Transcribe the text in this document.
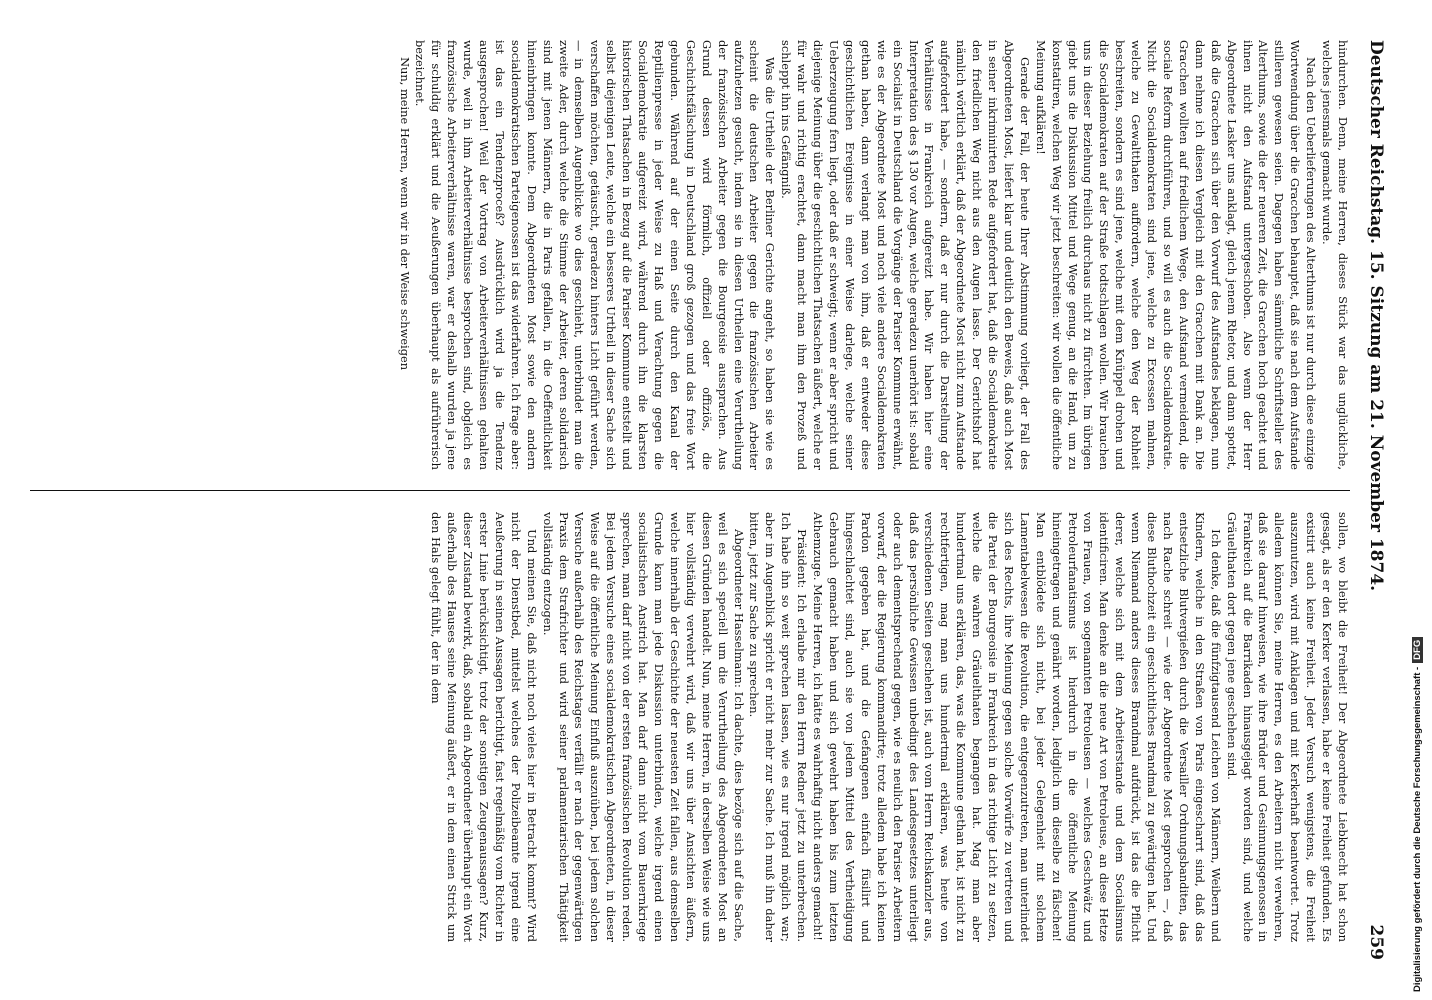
Deutscher Reichstag. 15. Sitzung am 21. November 1874.
259

hindurchen. Denn, meine Herren, dieses Stück war das unglückliche, welches jenesmals gemacht wurde.

Nach den Ueberlieferungen des Alterthums ist nur durch diese einzige Wortwendung über die Gracchen behauptet, daß sie nach dem Aufstande stilleren gewesen seien. Dagegen haben sämmtliche Schriftsteller des Alterthums, sowie die der neueren Zeit, die Gracchen hoch geachtet und ihnen nicht den Aufstand untergeschoben. Also wenn der Herr Abgeordnete Lasker uns anklagt, gleich jenem Rhetor, und dann spottet, daß die Gracchen sich über den Vorwurf des Aufstandes beklagen, nun dann nehme ich diesen Vergleich mit den Gracchen mit Dank an. Die Gracchen wollten auf friedlichem Wege, den Aufstand vermeidend, die sociale Reform durchführen, und so will es auch die Socialdemokratie. Nicht die Socialdemokraten sind jene, welche zu Excessen mahnen, welche zu Gewaltthaten auffordern, welche den Weg der Rohheit beschreiten, sondern es sind jene, welche mit dem Knüppel drohen und die Socialdemokraten auf der Straße todtschlagen wollen. Wir brauchen uns in dieser Beziehung freilich durchaus nicht zu fürchten. Im übrigen giebt uns die Diskussion Mittel und Wege genug, an die Hand, um zu konstatiren, welchen Weg wir jetzt beschreiten: wir wollen die öffentliche Meinung aufklären!

Gerade der Fall, der heute Ihrer Abstimmung vorliegt, der Fall des Abgeordneten Most, liefert klar und deutlich den Beweis, daß auch Most in seiner inkriminirten Rede aufgefordert hat, daß die Socialdemokratie den friedlichen Weg nicht aus den Augen lasse. Der Gerichtshof hat nämlich wörtlich erklärt, daß der Abgeordnete Most nicht zum Aufstande aufgefordert habe, — sondern, daß er nur durch die Darstellung der Verhältnisse in Frankreich aufgereizt habe. Wir haben hier eine Interpretation des § 130 vor Augen, welche geradezu unerhört ist: sobald ein Socialist in Deutschland die Vorgänge der Pariser Kommune erwähnt, wie es der Abgeordnete Most und noch viele andere Socialdemokraten gethan haben, dann verlangt man von ihm, daß er entweder diese geschichtlichen Ereignisse in einer Weise darlege, welche seiner Ueberzeugung fern liegt, oder daß er schweigt; wenn er aber spricht und diejenige Meinung über die geschichtlichen Thatsachen äußert, welche er für wahr und richtig erachtet, dann macht man ihm den Prozeß und schleppt ihn ins Gefängniß.

Was die Urtheile der Berliner Gerichte angeht, so haben sie wie es scheint die deutschen Arbeiter gegen die französischen Arbeiter aufzuhetzen gesucht, indem sie in diesen Urtheilen eine Verurtheilung der französischen Arbeiter gegen die Bourgeoisie aussprachen. Aus Grund dessen wird förmlich, offiziell oder offiziös, die Geschichtsfälschung in Deutschland groß gezogen und das freie Wort gebunden. Während auf der einen Seite durch den Kanal der Reptilienpresse in jeder Weise zu Haß und Verachtung gegen die Socialdemokratie aufgereizt wird, während durch ihn die klarsten historischen Thatsachen in Bezug auf die Pariser Kommune entstellt und selbst diejenigen Leute, welche ein besseres Urtheil in dieser Sache sich verschaffen möchten, getäuscht, geradezu hinters Licht geführt werden, — in demselben Augenblicke wo dies geschieht, unterbindet man die zweite Ader, durch welche die Stimme der Arbeiter, deren solidarisch sind mit jenen Männern, die in Paris gefallen, in die Oeffentlichkeit hineinbringen konnte. Dem Abgeordneten Most sowie den andern socialdemokratischen Parteigenossen ist das widerfahren. Ich frage aber: ist das ein Tendenzproceß? Ausdrücklich wird ja die Tendenz ausgesprochen! Weil der Vortrag von Arbeiterverhältnissen gehalten wurde, weil in ihm Arbeiterverhältnisse besprochen sind, obgleich es französische Arbeiterverhältnisse waren, war er deshalb wurden ja jene für schuldig erklärt und die Aeußerungen überhaupt als aufrührerisch bezeichnet.

Nun, meine Herren, wenn wir in der Weise schweigen

sollen, wo bleibt die Freiheit! Der Abgeordnete Liebknecht hat schon gesagt, als er den Kerker verlassen, habe er keine Freiheit gefunden. Es existirt auch keine Freiheit. Jeder Versuch wenigstens, die Freiheit auszunutzen, wird mit Anklagen und mit Kerkerhaft beantwortet. Trotz alledem können Sie, meine Herren, es den Arbeitern nicht verwehren, daß sie darauf hinweisen, wie ihre Brüder und Gesinnungsgenossen in Frankreich auf die Barrikaden hinausgejagt worden sind, und welche Gräuelthaten dort gegen jene geschehen sind.

Ich denke, daß die fünfzigtausend Leichen von Männern, Weibern und Kindern, welche in den Straßen von Paris eingescharrt sind, daß das entsetzliche Blutvergießen durch die Versailler Ordnungsbanditen, das nach Rache schreit — wie der Abgeordnete Most gesprochen —, daß diese Bluthochzeit ein geschichtliches Brandmal zu gewärtigen hat. Und wenn Niemand anders dieses Brandmal aufdrückt, ist das die Pflicht derer, welche sich mit dem Arbeiterstande und dem Socialismus identificiren. Man denke an die neue Art von Petroleuse, an diese Hetze von Frauen, von sogenannten Petroleusen — welches Geschwätz und Petroleurfanatismus ist hierdurch in die öffentliche Meinung hineingetragen und genährt worden, lediglich um dieselbe zu fälschen! Man entblödete sich nicht, bei jeder Gelegenheit mit solchem Lamentabelwesen die Revolution, die entgegenzutreten, man unterlindet sich des Rechts, ihre Meinung gegen solche Vorwürfe zu vertreten und die Partei der Bourgeoisie in Frankreich in das richtige Licht zu setzen, welche die wahren Gräuelthaten begangen hat. Mag man aber hundertmal uns erklären, das, was die Kommune gethan hat, ist nicht zu rechtfertigen, mag man uns hundertmal erklären, was heute von verschiedenen Seiten geschehen ist, auch vom Herrn Reichskanzler aus, daß das persönliche Gewissen unbedingt des Landesgesetzes unterliegt oder auch dementsprechend gegen, wie es neulich den Pariser Arbeitern vorwarf, der die Regierung kommandirte; trotz alledem habe ich keinen Pardon gegeben hat, und die Gefangenen einfach füsilirt und hingeschlachtet sind, auch sie von jedem Mittel des Vertheidigung Gebrauch gemacht haben und sich gewehrt haben bis zum letzten Athemzuge. Meine Herren, ich hätte es wahrhaftig nicht anders gemacht!

Präsident: Ich erlaube mir den Herrn Redner jetzt zu unterbrechen. Ich habe ihn so weit sprechen lassen, wie es nur irgend möglich war; aber im Augenblick spricht er nicht mehr zur Sache. Ich muß ihn daher bitten, jetzt zur Sache zu sprechen.

Abgeordneter Hasselmann: Ich dachte, dies bezöge sich auf die Sache, weil es sich speciell um die Verurtheilung des Abgeordneten Most an diesen Gründen handelt. Nun, meine Herren, in derselben Weise wie uns hier vollständig verwehrt wird, daß wir uns über Ansichten äußern, welche innerhalb der Geschichte der neuesten Zeit fallen, aus demselben Grunde kann man jede Diskussion unterbinden, welche irgend einen socialistischen Anstrich hat. Man darf dann nicht vom Bauernkriege sprechen, man darf nicht von der ersten französischen Revolution reden. Bei jedem Versuche eines socialdemokratischen Abgeordneten, in dieser Weise auf die öffentliche Meinung Einfluß auszuüben, bei jedem solchen Versuche außerhalb des Reichstages verfällt er nach der gegenwärtigen Praxis dem Strafrichter und wird seiner parlamentarischen Thätigkeit vollständig entzogen.

Und meinen Sie, daß nicht noch vieles hier in Betracht kommt? Wird nicht der Dienstbed, mittelst welches der Polizeibeamte irgend eine Aeußerung in seinen Aussagen berichtigt, fast regelmäßig vom Richter in erster Linie berücksichtigt, trotz der sonstigen Zeugenaussagen? Kurz, dieser Zustand bewirkt, daß, sobald ein Abgeordneter überhaupt ein Wort außerhalb des Hauses seine Meinung äußert, er in dem einen Strick um den Hals gelegt fühlt, der in dem

Digitalisierung gefördert durch die Deutsche Forschungsgemeinschaft -DFG
